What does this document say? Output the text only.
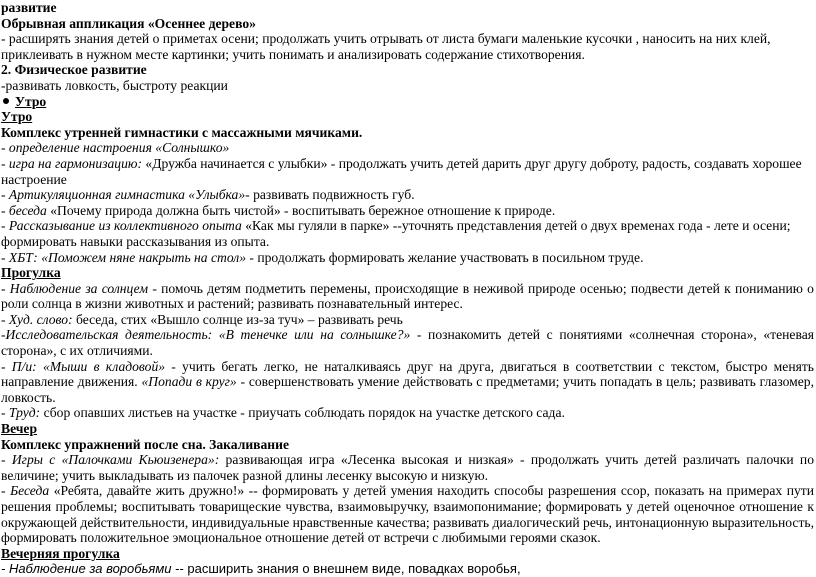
развитие

Обрывная аппликация «Осеннее дерево»

- расширять знания детей о приметах осени; продолжать учить отрывать от листа бумаги маленькие кусочки , наносить на них клей, приклеивать в нужном месте картинки; учить понимать и анализировать содержание стихотворения.

2. Физическое развитие

-развивать ловкость, быстроту реакции

Утро

Утро

Комплекс утренней гимнастики с массажными мячиками.

- определение настроения «Солнышко»

- игра на гармонизацию: «Дружба начинается с улыбки» - продолжать учить детей дарить друг другу доброту, радость, создавать хорошее настроение

- Артикуляционная гимнастика «Улыбка»- развивать подвижность губ.

- беседа «Почему природа должна быть чистой» - воспитывать бережное отношение к природе.

- Рассказывание из коллективного опыта «Как мы гуляли в парке» --уточнять представления детей о двух временах года - лете и осени; формировать навыки рассказывания из опыта.

- ХБТ: «Поможем няне накрыть на стол» - продолжать формировать желание участвовать в посильном труде.

Прогулка

- Наблюдение за солнцем - помочь детям подметить перемены, происходящие в неживой природе осенью; подвести детей к пониманию о роли солнца в жизни животных и растений; развивать познавательный интерес.

- Худ. слово: беседа, стих «Вышло солнце из-за туч» – развивать речь

-Исследовательская деятельность: «В тенечке или на солнышке?» - познакомить детей с понятиями «солнечная сторона», «теневая сторона», с их отличиями.

- П/и: «Мыши в кладовой» - учить бегать легко, не наталкиваясь друг на друга, двигаться в соответствии с текстом, быстро менять направление движения. «Попади в круг» - совершенствовать умение действовать с предметами; учить попадать в цель; развивать глазомер, ловкость.

- Труд: сбор опавших листьев на участке - приучать соблюдать порядок на участке детского сада.

Вечер

Комплекс упражнений после сна. Закаливание

- Игры с «Палочками Кьюизенера»: развивающая игра «Лесенка высокая и низкая» - продолжать учить детей различать палочки по величине; учить выкладывать из палочек разной длины лесенку высокую и низкую.

- Беседа «Ребята, давайте жить дружно!» -- формировать у детей умения находить способы разрешения ссор, показать на примерах пути решения проблемы; воспитывать товарищеские чувства, взаимовыручку, взаимопонимание; формировать у детей оценочное отношение к окружающей действительности, индивидуальные нравственные качества; развивать диалогический речь, интонационную выразительность, формировать положительное эмоциональное отношение детей от встречи с любимыми героями сказок.

Вечерняя прогулка

- Наблюдение за воробьями -- расширить знания о внешнем виде, повадках воробья,
